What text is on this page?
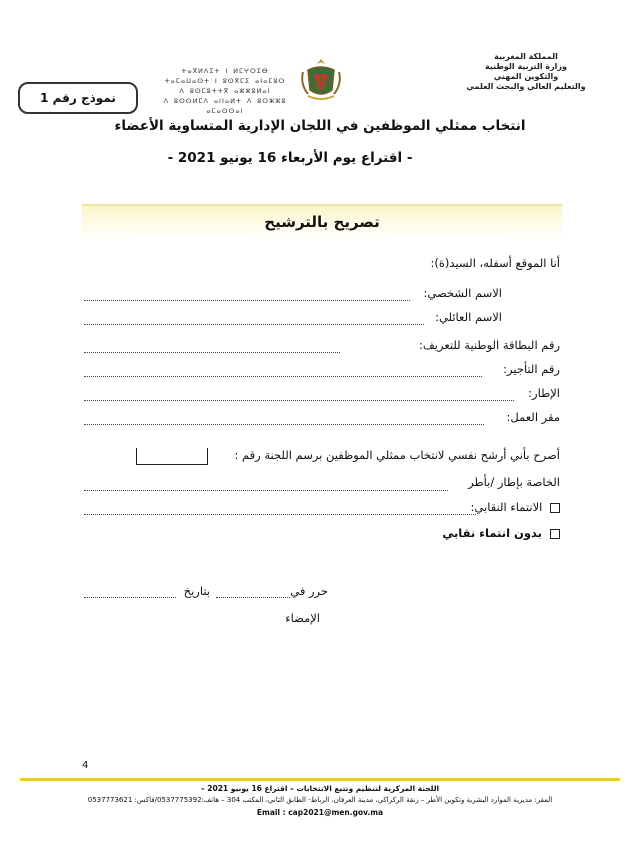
المملكة المغربية
وزارة التربية الوطنية
والتكوين المهني
والتعليم العالي والبحث العلمي
ⵜⴰⴳⵍⴷⵉⵜ ⵏ ⵍⵎⵖⵔⵉⴱ
ⵜⴰⵎⴰⵡⴰⵙⵜ ⵏ ⵓⵙⴳⵎⵉ ⴰⵏⴰⵎⵓⵔ
ⴷ ⵓⵙⵎⵓⵜⵜⴳ ⴰⵣⵣⵓⵍⴰⵏ
ⴷ ⵓⵙⵙⵍⵎⴷ ⴰⵏⵏⴰⵍⵜ ⴷ ⵓⵔⵣⵣⵓ ⴰⵎⴰⵙⵙⴰⵏ
نموذج رقم 1
انتخاب ممثلي الموظفين في اللجان الإدارية المتساوية الأعضاء
- اقتراع يوم الأربعاء 16 يونيو 2021 -
تصريح بالترشيح
أنا الموقع أسفله، السيد(ة):
الاسم الشخصي:
الاسم العائلي:
رقم البطاقة الوطنية للتعريف:
رقم التأجير:
الإطار:
مقر العمل:
أصرح بأني أرشح نفسي لانتخاب ممثلي الموظفين برسم اللجنة رقم :
الخاصة بإطار /بأطر
الانتماء النقابي:
بدون انتماء نقابي
حرر في
بتاريخ
الإمضاء
4
اللجنة المركزية لتنظيم وتتبع الانتخابات – اقتراع 16 يونيو 2021 –
المقر: مديرية الموارد البشرية وتكوين الأطر – زنقة الركراكي، مدينة العرفان، الرباط- الطابق الثاني، المكتب 304 – هاتف:0537775392/فاكس: 0537773621
Email : cap2021@men.gov.ma
